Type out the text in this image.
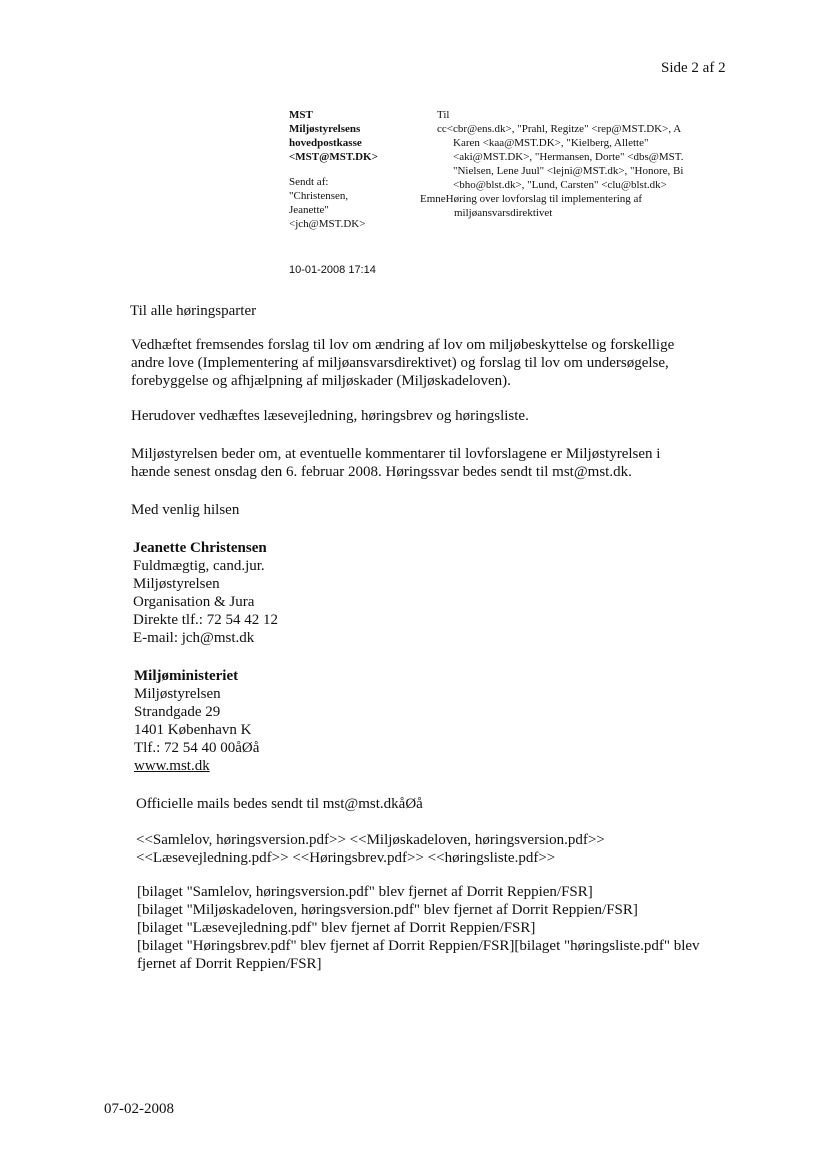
Side 2 af 2
MST
Miljøstyrelsens
hovedpostkasse
<MST@MST.DK>
Sendt af:
"Christensen,
Jeanette"
<jch@MST.DK>
10-01-2008 17:14
Til
cc<cbr@ens.dk>, "Prahl, Regitze" <rep@MST.DK>, A
Karen <kaa@MST.DK>, "Kielberg, Allette"
<aki@MST.DK>, "Hermansen, Dorte" <dbs@MST.
"Nielsen, Lene Juul" <lejni@MST.dk>, "Honore, Bi
<bho@blst.dk>, "Lund, Carsten" <clu@blst.dk>
EmneHøring over lovforslag til implementering af
miljøansvarsdirektivet
Til alle høringsparter
Vedhæftet fremsendes forslag til lov om ændring af lov om miljøbeskyttelse og forskellige
andre love (Implementering af miljøansvarsdirektivet) og forslag til lov om undersøgelse,
forebyggelse og afhjælpning af miljøskader (Miljøskadeloven).
Herudover vedhæftes læsevejledning, høringsbrev og høringsliste.
Miljøstyrelsen beder om, at eventuelle kommentarer til lovforslagene er Miljøstyrelsen i
hænde senest onsdag den 6. februar 2008. Høringssvar bedes sendt til mst@mst.dk.
Med venlig hilsen
Jeanette Christensen
Fuldmægtig, cand.jur.
Miljøstyrelsen
Organisation & Jura
Direkte tlf.: 72 54 42 12
E-mail: jch@mst.dk
Miljøministeriet
Miljøstyrelsen
Strandgade 29
1401 København K
Tlf.: 72 54 40 00åØå
www.mst.dk
Officielle mails bedes sendt til mst@mst.dkåØå
<<Samlelov, høringsversion.pdf>> <<Miljøskadeloven, høringsversion.pdf>>
<<Læsevejledning.pdf>> <<Høringsbrev.pdf>> <<høringsliste.pdf>>
[bilaget "Samlelov, høringsversion.pdf" blev fjernet af Dorrit Reppien/FSR]
[bilaget "Miljøskadeloven, høringsversion.pdf" blev fjernet af Dorrit Reppien/FSR]
[bilaget "Læsevejledning.pdf" blev fjernet af Dorrit Reppien/FSR]
[bilaget "Høringsbrev.pdf" blev fjernet af Dorrit Reppien/FSR][bilaget "høringsliste.pdf" blev
fjernet af Dorrit Reppien/FSR]
07-02-2008
